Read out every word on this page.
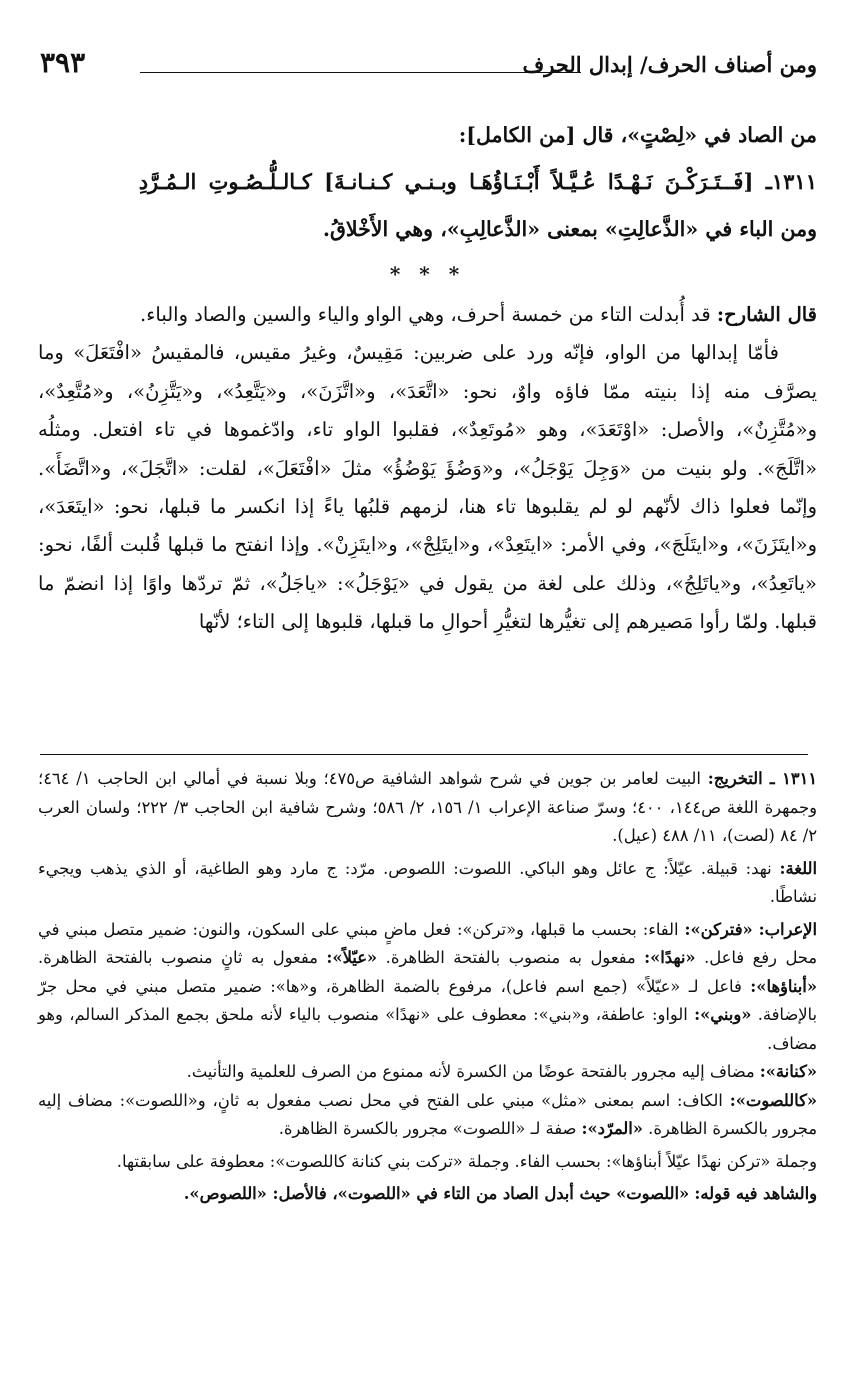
ومن أصناف الحرف/ إبدال الحرف
٣٩٣

من الصاد في «لِصْتٍ»، قال [من الكامل]:

١٣١١ـ [فَــتَـرَكْـنَ نَـهْـدًا عُـيَّـلاً أَبْـنَـاؤُهَـا وبـنـي كـنـانـةَ] كـالـلُّـصُـوتِ الـمُـرَّدِ

ومن الباء في «الذَّعالِتِ» بمعنى «الذَّعالِبِ»، وهي الأَخْلاقُ.

* * *

قال الشارح: قد أُبدلت التاء من خمسة أحرف، وهي الواو والياء والسين والصاد والباء.

فأمّا إبدالها من الواو، فإنّه ورد على ضربين: مَقِيسٌ، وغيرُ مقيس، فالمقيسُ «افْتَعَلَ» وما يصرَّف منه إذا بنيته ممّا فاؤه واوٌ، نحو: «اتَّعَدَ»، و«اتَّزَنَ»، و«يَتَّعِدُ»، و«يَتَّزِنُ»، و«مُتَّعِدٌ»، و«مُتَّزِنٌ»، والأصل: «اوْتَعَدَ»، وهو «مُوتَعِدٌ»، فقلبوا الواو تاء، وادّغموها في تاء افتعل. ومثلُه «اتَّلَجَ». ولو بنيت من «وَجِلَ يَوْجَلُ»، و«وَضُؤَ يَوْضُؤُ» مثلَ «افْتَعَلَ»، لقلت: «اتَّجَلَ»، و«اتَّضَأَ». وإنّما فعلوا ذاك لأنّهم لو لم يقلبوها تاء هنا، لزمهم قلبُها ياءً إذا انكسر ما قبلها، نحو: «ايتَعَدَ»، و«ايتَزَنَ»، و«ايتَلَجَ»، وفي الأمر: «ايتَعِدْ»، و«ايتَلِجْ»، و«ايتَزِنْ». وإذا انفتح ما قبلها قُلبت ألفًا، نحو: «ياتَعِدُ»، و«ياتَلِجُ»، وذلك على لغة من يقول في «يَوْجَلُ»: «ياجَلُ»، ثمّ تردّها واوًا إذا انضمّ ما قبلها. ولمّا رأوا مَصيرهم إلى تغيُّرها لتغيُّرِ أحوالِ ما قبلها، قلبوها إلى التاء؛ لأنّها

١٣١١ ـ التخريج: البيت لعامر بن جوين في شرح شواهد الشافية ص٤٧٥؛ وبلا نسبة في أمالي ابن الحاجب ١/ ٤٦٤؛ وجمهرة اللغة ص١٤٤، ٤٠٠؛ وسرّ صناعة الإعراب ١/ ١٥٦، ٢/ ٥٨٦؛ وشرح شافية ابن الحاجب ٣/ ٢٢٢؛ ولسان العرب ٢/ ٨٤ (لصت)، ١١/ ٤٨٨ (عيل).

اللغة: نهد: قبيلة. عيّلاً: ج عائل وهو الباكي. اللصوت: اللصوص. مرّد: ج مارد وهو الطاغية، أو الذي يذهب ويجيء نشاطًا.

الإعراب: «فتركن»: الفاء: بحسب ما قبلها، و«تركن»: فعل ماضٍ مبني على السكون، والنون: ضمير متصل مبني في محل رفع فاعل. «نهدًا»: مفعول به منصوب بالفتحة الظاهرة. «عيّلاً»: مفعول به ثانٍ منصوب بالفتحة الظاهرة. «أبناؤها»: فاعل لـ «عيّلاً» (جمع اسم فاعل)، مرفوع بالضمة الظاهرة، و«ها»: ضمير متصل مبني في محل جرّ بالإضافة. «وبني»: الواو: عاطفة، و«بني»: معطوف على «نهدًا» منصوب بالياء لأنه ملحق بجمع المذكر السالم، وهو مضاف.

«كنانة»: مضاف إليه مجرور بالفتحة عوضًا من الكسرة لأنه ممنوع من الصرف للعلمية والتأنيث.

«كاللصوت»: الكاف: اسم بمعنى «مثل» مبني على الفتح في محل نصب مفعول به ثانٍ، و«اللصوت»: مضاف إليه مجرور بالكسرة الظاهرة. «المرّد»: صفة لـ «اللصوت» مجرور بالكسرة الظاهرة.

وجملة «تركن نهدًا عيّلاً أبناؤها»: بحسب الفاء. وجملة «تركت بني كنانة كاللصوت»: معطوفة على سابقتها.

والشاهد فيه قوله: «اللصوت» حيث أبدل الصاد من التاء في «اللصوت»، فالأصل: «اللصوص».
